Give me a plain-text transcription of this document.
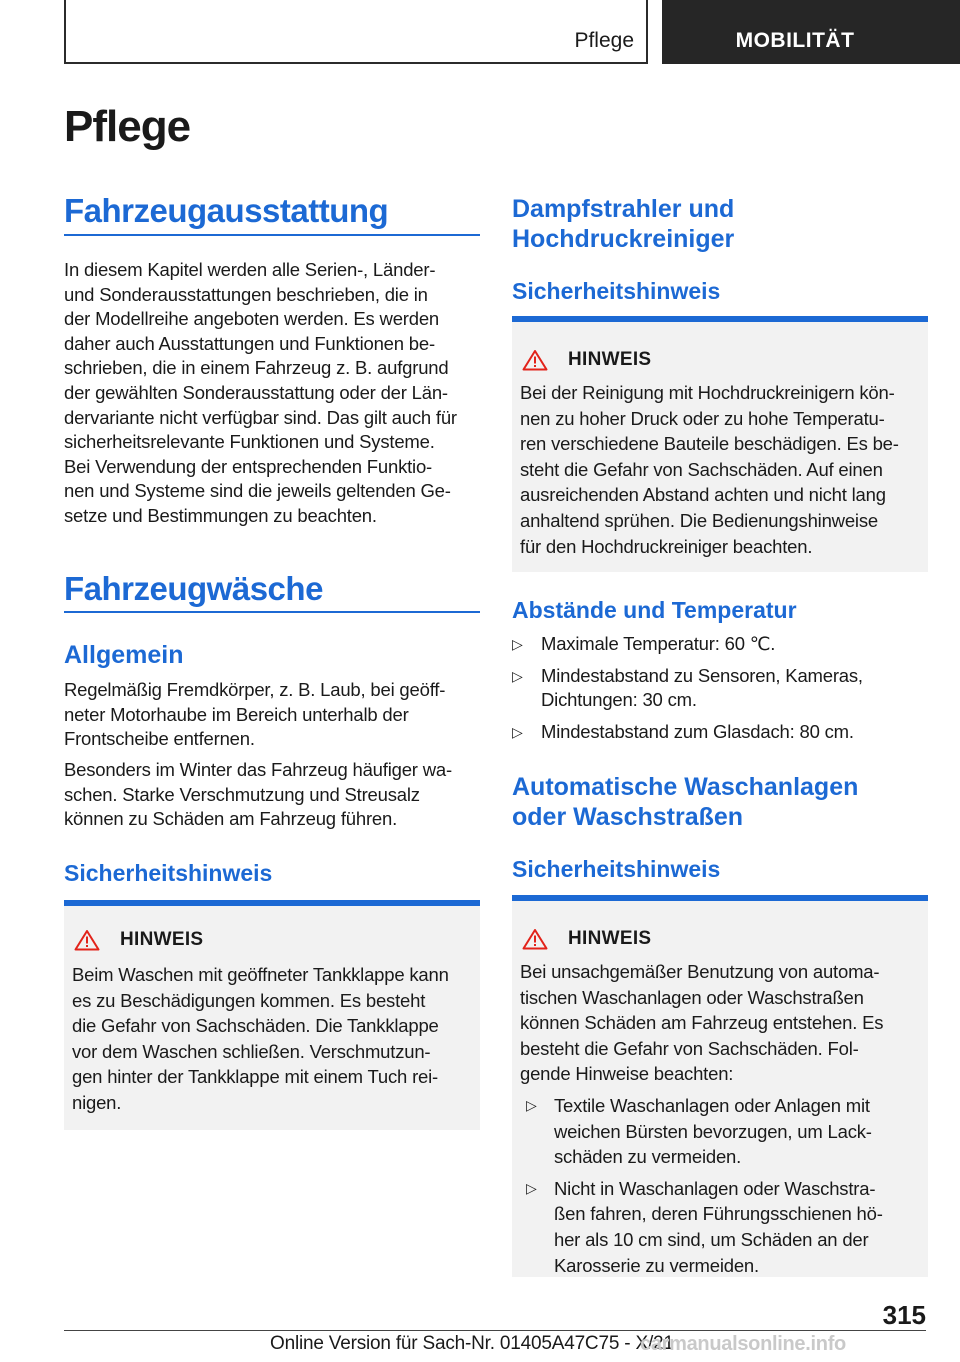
Pflege	MOBILITÄT
Pflege
Fahrzeugausstattung
In diesem Kapitel werden alle Serien-, Länder-
und Sonderausstattungen beschrieben, die in
der Modellreihe angeboten werden. Es werden
daher auch Ausstattungen und Funktionen be-
schrieben, die in einem Fahrzeug z. B. aufgrund
der gewählten Sonderausstattung oder der Län-
dervariante nicht verfügbar sind. Das gilt auch für
sicherheitsrelevante Funktionen und Systeme.
Bei Verwendung der entsprechenden Funktio-
nen und Systeme sind die jeweils geltenden Ge-
setze und Bestimmungen zu beachten.
Fahrzeugwäsche
Allgemein
Regelmäßig Fremdkörper, z. B. Laub, bei geöff-
neter Motorhaube im Bereich unterhalb der
Frontscheibe entfernen.
Besonders im Winter das Fahrzeug häufiger wa-
schen. Starke Verschmutzung und Streusalz
können zu Schäden am Fahrzeug führen.
Sicherheitshinweis
HINWEIS
Beim Waschen mit geöffneter Tankklappe kann
es zu Beschädigungen kommen. Es besteht
die Gefahr von Sachschäden. Die Tankklappe
vor dem Waschen schließen. Verschmutzun-
gen hinter der Tankklappe mit einem Tuch rei-
nigen.
Dampfstrahler und
Hochdruckreiniger
Sicherheitshinweis
HINWEIS
Bei der Reinigung mit Hochdruckreinigern kön-
nen zu hoher Druck oder zu hohe Temperatu-
ren verschiedene Bauteile beschädigen. Es be-
steht die Gefahr von Sachschäden. Auf einen
ausreichenden Abstand achten und nicht lang
anhaltend sprühen. Die Bedienungshinweise
für den Hochdruckreiniger beachten.
Abstände und Temperatur
▷ Maximale Temperatur: 60 ℃.
▷ Mindestabstand zu Sensoren, Kameras,
Dichtungen: 30 cm.
▷ Mindestabstand zum Glasdach: 80 cm.
Automatische Waschanlagen
oder Waschstraßen
Sicherheitshinweis
HINWEIS
Bei unsachgemäßer Benutzung von automa-
tischen Waschanlagen oder Waschstraßen
können Schäden am Fahrzeug entstehen. Es
besteht die Gefahr von Sachschäden. Fol-
gende Hinweise beachten:
▷ Textile Waschanlagen oder Anlagen mit
weichen Bürsten bevorzugen, um Lack-
schäden zu vermeiden.
▷ Nicht in Waschanlagen oder Waschstra-
ßen fahren, deren Führungsschienen hö-
her als 10 cm sind, um Schäden an der
Karosserie zu vermeiden.
315
Online Version für Sach-Nr. 01405A47C75 - X/21
carmanualsonline.info
